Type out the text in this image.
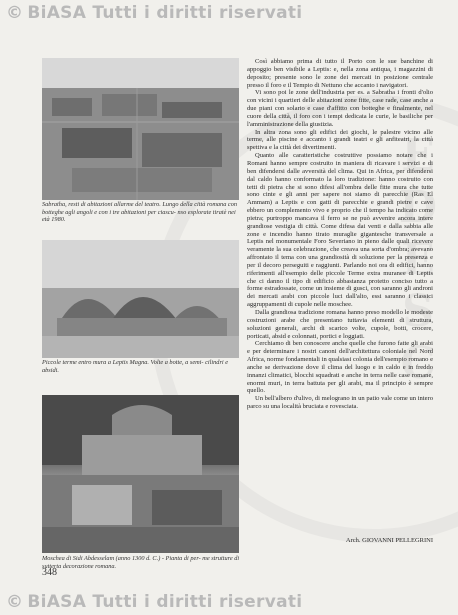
© BiASA Tutti i diritti riservati
E D E S C
Sabratha, resti di abitazioni allarme del teatro. Lungo della città romana con botteghe agli angoli e con i tre abitazioni per ciascu- nso esplorate tiratè nei età 1980.
Piccole terme entro mura a Leptis Magna. Volte a botte, a semi- cilindri e absidi.
Moschea di Sidi Abdesselam (anno 1300 d. C.) - Pianta di per- me strutture di sutterta decorazione romana.

Così abbiamo prima di tutto il Porto con le sue banchine di appoggio ben visibile a Leptis: e, nella zona antiqua, i magazzini di deposito; presente sono le zone dei mercati in posizione centrale presso il foro e il Tempio di Nettuno che accanto i navigatori.

Vi sono poi le zone dell'industria per es. a Sabratha i fronti d'olio con vicini i quartieri delle abitazioni zone fitte, case rade, case anche a due piani con solario e case d'affitto con botteghe e finalmente, nel cuore della città, il foro con i tempi dedicata le curie, le basiliche per l'amministrazione della giustizia.

In altra zona sono gli edifici dei giochi, le palestre vicino alle terme, alle piscine e accanto i grandi teatri e gli anfiteatri, la città spettiva e la città dei divertimenti.

Quanto alle caratteristiche costruttive possiamo notare che i Romani hanno sempre costruito in maniera di ricavare i servizi e di ben difendersi dalle avversità del clima. Qui in Africa, per difendersi dal caldo hanno conformato la loro tradizione: hanno costruito con tetti di pietra che si sono difesi all'ombra delle fitte mura che tutte sono cinte e gli anni per sapere noi siamo di parecchie (Ras El Ammam) a Leptis e con gatti di parecchie e grandi pietre e cave ebbero un complemento vivo e proprio che il tempo ha indicato come pietra; purtroppo mancava il ferro se ne può avvenire ancora intere grandiose vestigia di città. Come difesa dai venti e dalla sabbia alle zone e incendio hanno tirato muraglie gigantesche transversale a Leptis nel monumentale Foro Severiano in pieno dalle quali ricevere veramente la sua celebrazione, che creava una sorta d'ombra; avevano affrontato il tema con una grandiosità di soluzione per la presenza e per il decoro perseguiti e raggiunti. Parlando noi ora di edifici, hanno riferimenti all'esempio delle piccole Terme extra muranee di Leptis che ci danno il tipo di edificio abbastanza protetto conciso tutto a forme estradossate, come un insieme di gusci, con saranno gli androni dei mercati arabi con piccole luci dall'alto, essi saranno i classici aggruppamenti di cupole nelle moschee.

Dalla grandiosa tradizione romana hanno preso modello le modeste costruzioni arabe che presentano tuttavia elementi di struttura, soluzioni generali, archi di scarico volte, cupole, botti, crocere, porticati, absid e colonnati, portici e loggiati.

Cerchiamo di ben conoscere anche quelle che furono fatte gli arabi e per determinare i nostri canoni dell'architettura coloniale nel Nord Africa, norme fondamentali in qualsiasi colonia dell'esempio romano e anche se derivazione dove il clima del luogo e in caldo e in freddo innanzi climatici, blocchi squadrati e anche in terra nelle case romane, enormi muri, in terra battuta per gli arabi, ma il principio è sempre quello.

Un bell'albero d'ulivo, di melograno in un patio vale come un intero parco su una località bruciata e rovesciata.

Arch. GIOVANNI PELLEGRINI
348
© BiASA Tutti i diritti riservati
